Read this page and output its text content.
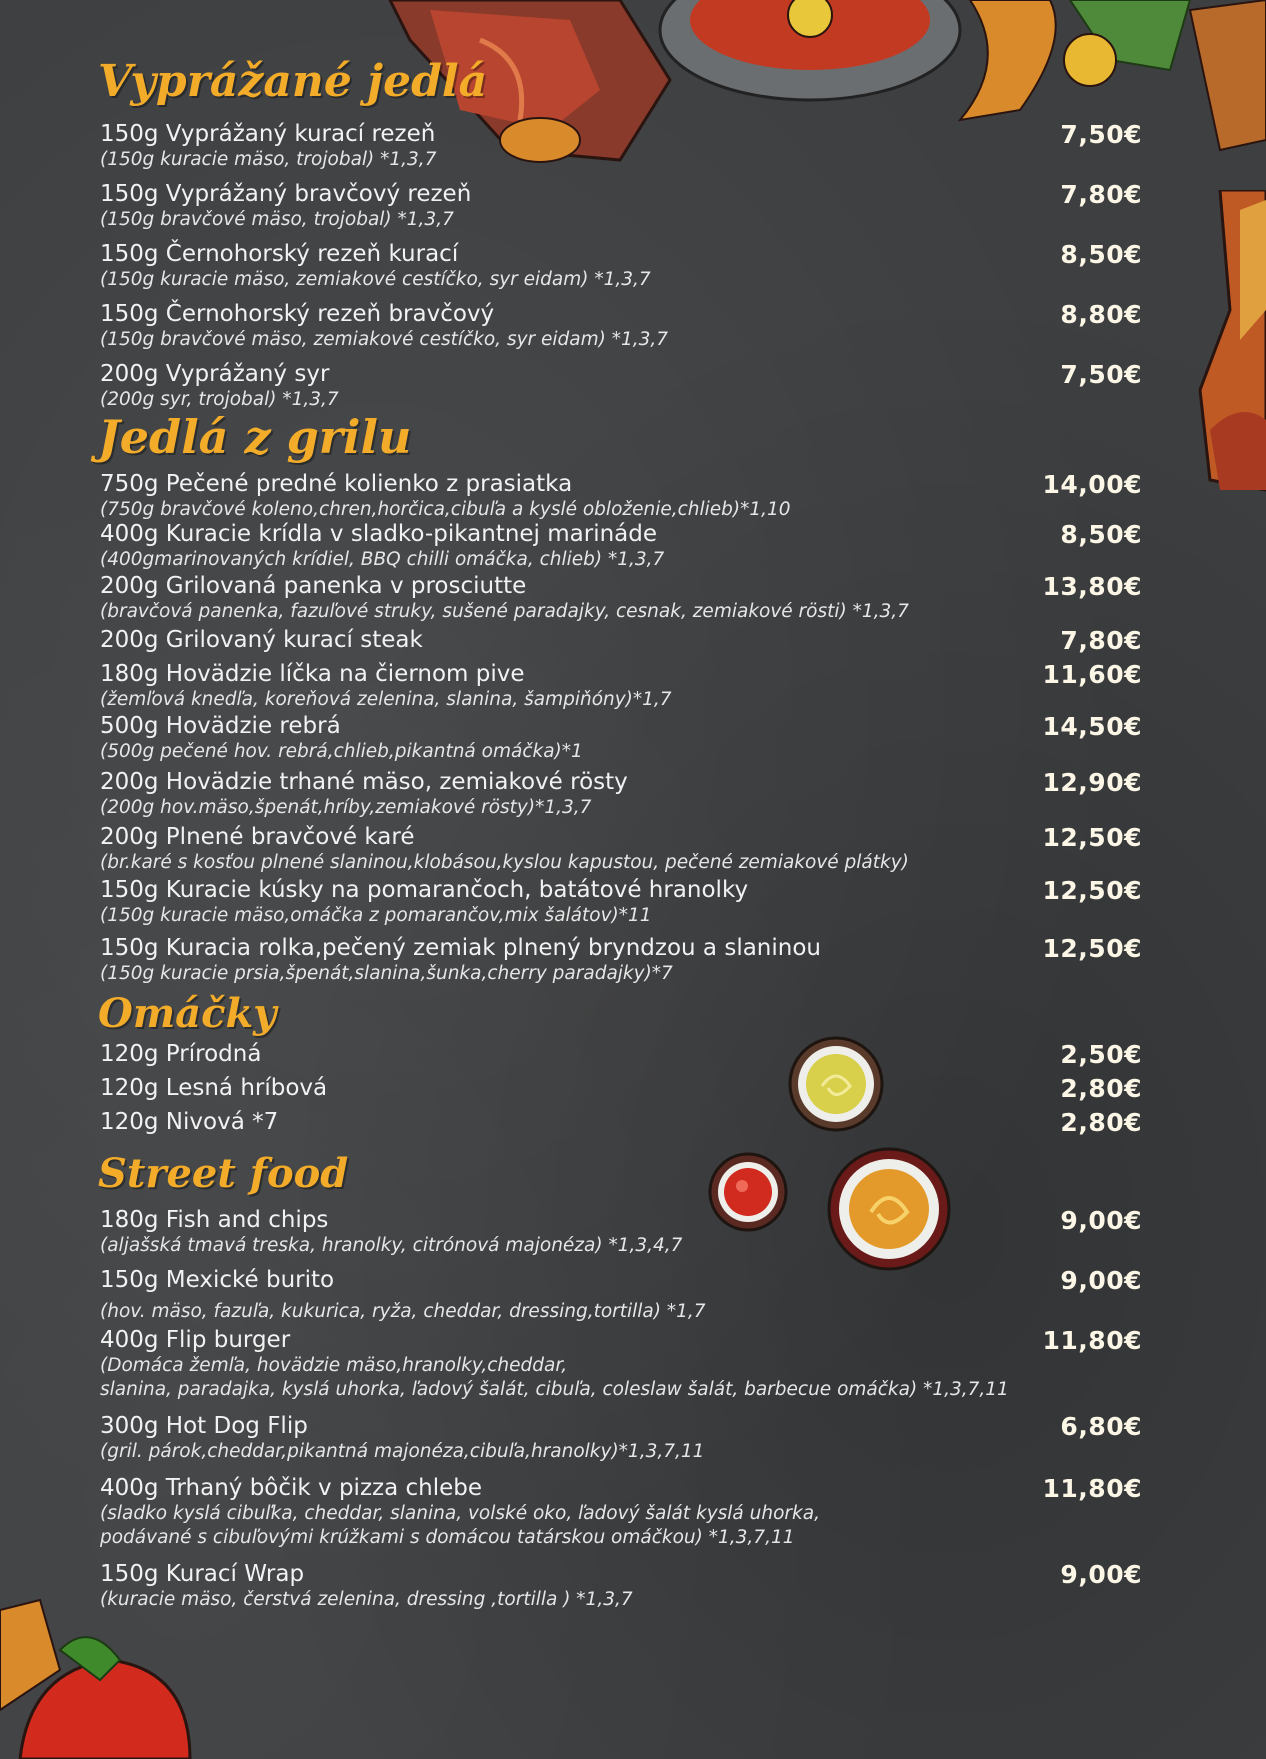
Vyprážané jedlá
150g Vyprážaný kurací rezeň
(150g kuracie mäso, trojobal) *1,3,7
7,50€
150g Vyprážaný bravčový rezeň
(150g bravčové mäso, trojobal) *1,3,7
7,80€
150g Černohorský rezeň kurací
(150g kuracie mäso, zemiakové cestíčko, syr eidam) *1,3,7
8,50€
150g Černohorský rezeň bravčový
(150g bravčové mäso, zemiakové cestíčko, syr eidam) *1,3,7
8,80€
200g Vyprážaný syr
(200g syr, trojobal) *1,3,7
7,50€
Jedlá z grilu
750g Pečené predné kolienko z prasiatka
(750g bravčové koleno,chren,horčica,cibuľa a kyslé obloženie,chlieb)*1,10
14,00€
400g Kuracie krídla v sladko-pikantnej marináde
(400gmarinovaných krídiel, BBQ chilli omáčka, chlieb) *1,3,7
8,50€
200g Grilovaná panenka v prosciutte
(bravčová panenka, fazuľové struky, sušené paradajky, cesnak, zemiakové rösti) *1,3,7
13,80€
200g Grilovaný kurací steak	7,80€
180g Hovädzie líčka na čiernom pive
(žemľová knedľa, koreňová zelenina, slanina, šampiňóny)*1,7
11,60€
500g Hovädzie rebrá
(500g pečené hov. rebrá,chlieb,pikantná omáčka)*1
14,50€
200g Hovädzie trhané mäso, zemiakové rösty
(200g hov.mäso,špenát,hríby,zemiakové rösty)*1,3,7
12,90€
200g Plnené bravčové karé
(br.karé s kosťou plnené slaninou,klobásou,kyslou kapustou, pečené zemiakové plátky)
12,50€
150g Kuracie kúsky na pomarančoch, batátové hranolky
(150g kuracie mäso,omáčka z pomarančov,mix šalátov)*11
12,50€
150g Kuracia rolka,pečený zemiak plnený bryndzou a slaninou
(150g kuracie prsia,špenát,slanina,šunka,cherry paradajky)*7
12,50€
Omáčky
120g Prírodná	2,50€
120g Lesná hríbová	2,80€
120g Nivová *7	2,80€
Street food
180g Fish and chips
(aljašská tmavá treska, hranolky, citrónová majonéza) *1,3,4,7
9,00€
150g Mexické burito
(hov. mäso, fazuľa, kukurica, ryža, cheddar, dressing,tortilla) *1,7
9,00€
400g Flip burger
(Domáca žemľa, hovädzie mäso,hranolky,cheddar,
slanina, paradajka, kyslá uhorka, ľadový šalát, cibuľa, coleslaw šalát, barbecue omáčka) *1,3,7,11
11,80€
300g Hot Dog Flip
(gril. párok,cheddar,pikantná majonéza,cibuľa,hranolky)*1,3,7,11
6,80€
400g Trhaný bôčik v pizza chlebe
(sladko kyslá cibuľka, cheddar, slanina, volské oko, ľadový šalát kyslá uhorka,
podávané s cibuľovými krúžkami s domácou tatárskou omáčkou) *1,3,7,11
11,80€
150g Kurací Wrap
(kuracie mäso, čerstvá zelenina, dressing ,tortilla ) *1,3,7
9,00€
